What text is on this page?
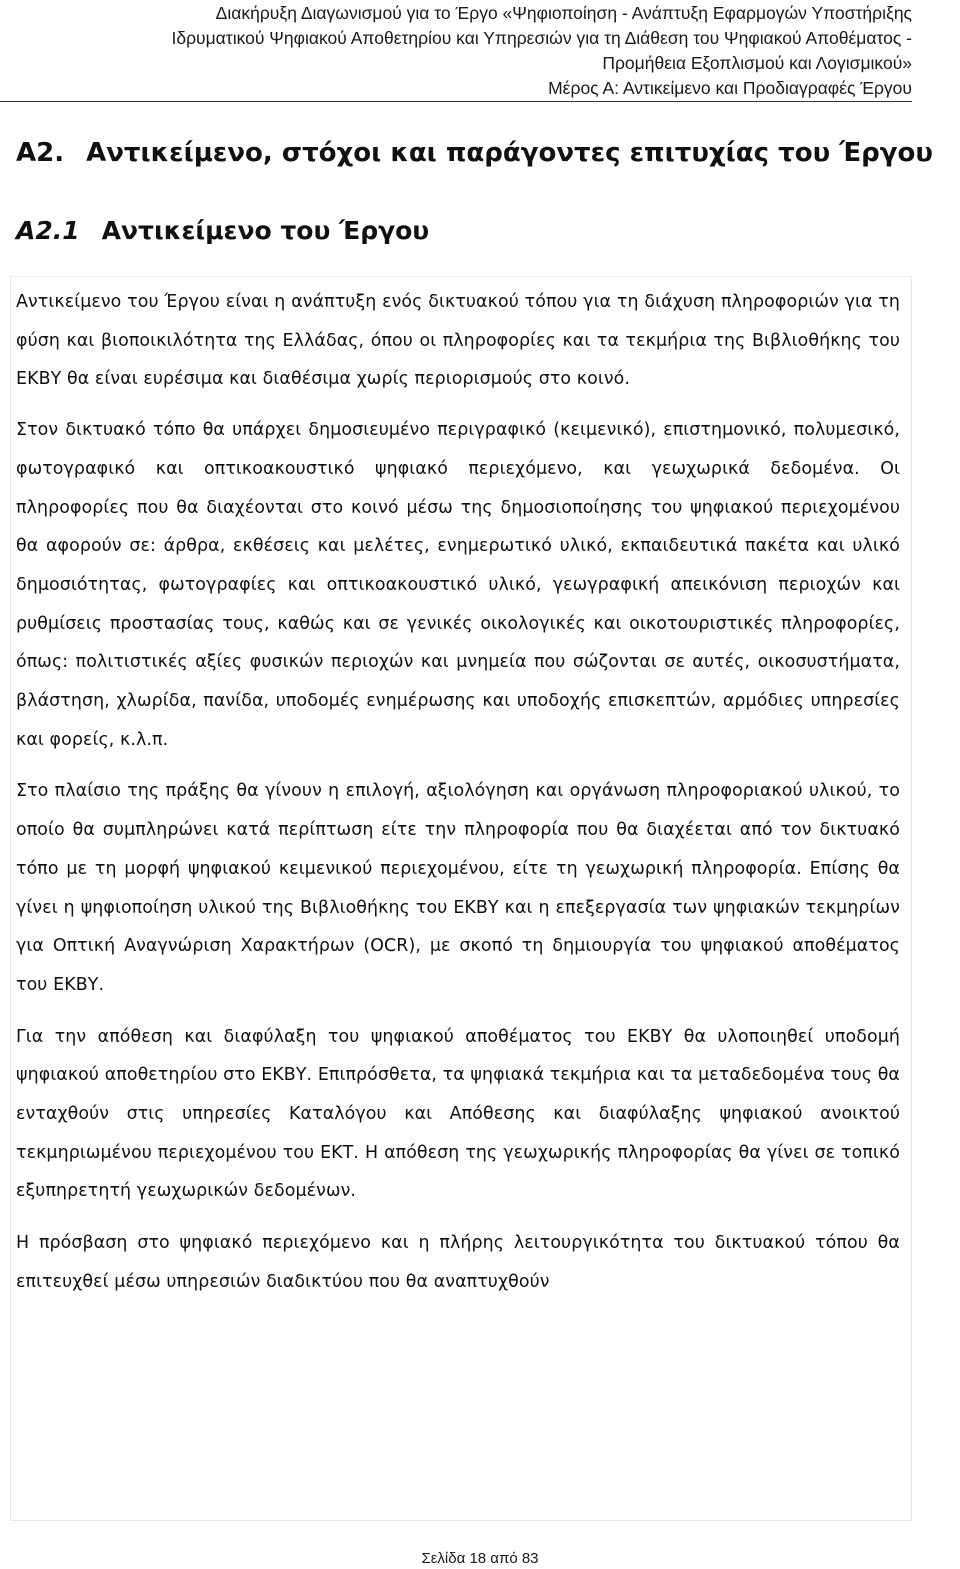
Διακήρυξη Διαγωνισμού για το Έργο «Ψηφιοποίηση - Ανάπτυξη Εφαρμογών Υποστήριξης
Ιδρυματικού Ψηφιακού Αποθετηρίου και Υπηρεσιών για τη Διάθεση του Ψηφιακού Αποθέματος -
Προμήθεια Εξοπλισμού και Λογισμικού»
Μέρος Α: Αντικείμενο και Προδιαγραφές Έργου
Α2. Αντικείμενο, στόχοι και παράγοντες επιτυχίας του Έργου
Α2.1 Αντικείμενο του Έργου

Αντικείμενο του Έργου είναι η ανάπτυξη ενός δικτυακού τόπου για τη διάχυση πληροφοριών για τη φύση και βιοποικιλότητα της Ελλάδας, όπου οι πληροφορίες και τα τεκμήρια της Βιβλιοθήκης του ΕΚΒΥ θα είναι ευρέσιμα και διαθέσιμα χωρίς περιορισμούς στο κοινό.

Στον δικτυακό τόπο θα υπάρχει δημοσιευμένο περιγραφικό (κειμενικό), επιστημονικό, πολυμεσικό, φωτογραφικό και οπτικοακουστικό ψηφιακό περιεχόμενο, και γεωχωρικά δεδομένα. Οι πληροφορίες που θα διαχέονται στο κοινό μέσω της δημοσιοποίησης του ψηφιακού περιεχομένου θα αφορούν σε: άρθρα, εκθέσεις και μελέτες, ενημερωτικό υλικό, εκπαιδευτικά πακέτα και υλικό δημοσιότητας, φωτογραφίες και οπτικοακουστικό υλικό, γεωγραφική απεικόνιση περιοχών και ρυθμίσεις προστασίας τους, καθώς και σε γενικές οικολογικές και οικοτουριστικές πληροφορίες, όπως: πολιτιστικές αξίες φυσικών περιοχών και μνημεία που σώζονται σε αυτές, οικοσυστήματα, βλάστηση, χλωρίδα, πανίδα, υποδομές ενημέρωσης και υποδοχής επισκεπτών, αρμόδιες υπηρεσίες και φορείς, κ.λ.π.

Στο πλαίσιο της πράξης θα γίνουν η επιλογή, αξιολόγηση και οργάνωση πληροφοριακού υλικού, το οποίο θα συμπληρώνει κατά περίπτωση είτε την πληροφορία που θα διαχέεται από τον δικτυακό τόπο με τη μορφή ψηφιακού κειμενικού περιεχομένου, είτε τη γεωχωρική πληροφορία. Επίσης θα γίνει η ψηφιοποίηση υλικού της Βιβλιοθήκης του ΕΚΒΥ και η επεξεργασία των ψηφιακών τεκμηρίων για Οπτική Αναγνώριση Χαρακτήρων (OCR), με σκοπό τη δημιουργία του ψηφιακού αποθέματος του ΕΚΒΥ.

Για την απόθεση και διαφύλαξη του ψηφιακού αποθέματος του ΕΚΒΥ θα υλοποιηθεί υποδομή ψηφιακού αποθετηρίου στο ΕΚΒΥ. Επιπρόσθετα, τα ψηφιακά τεκμήρια και τα μεταδεδομένα τους θα ενταχθούν στις υπηρεσίες Καταλόγου και Απόθεσης και διαφύλαξης ψηφιακού ανοικτού τεκμηριωμένου περιεχομένου του ΕΚΤ. Η απόθεση της γεωχωρικής πληροφορίας θα γίνει σε τοπικό εξυπηρετητή γεωχωρικών δεδομένων.

Η πρόσβαση στο ψηφιακό περιεχόμενο και η πλήρης λειτουργικότητα του δικτυακού τόπου θα επιτευχθεί μέσω υπηρεσιών διαδικτύου που θα αναπτυχθούν

Σελίδα 18 από 83
